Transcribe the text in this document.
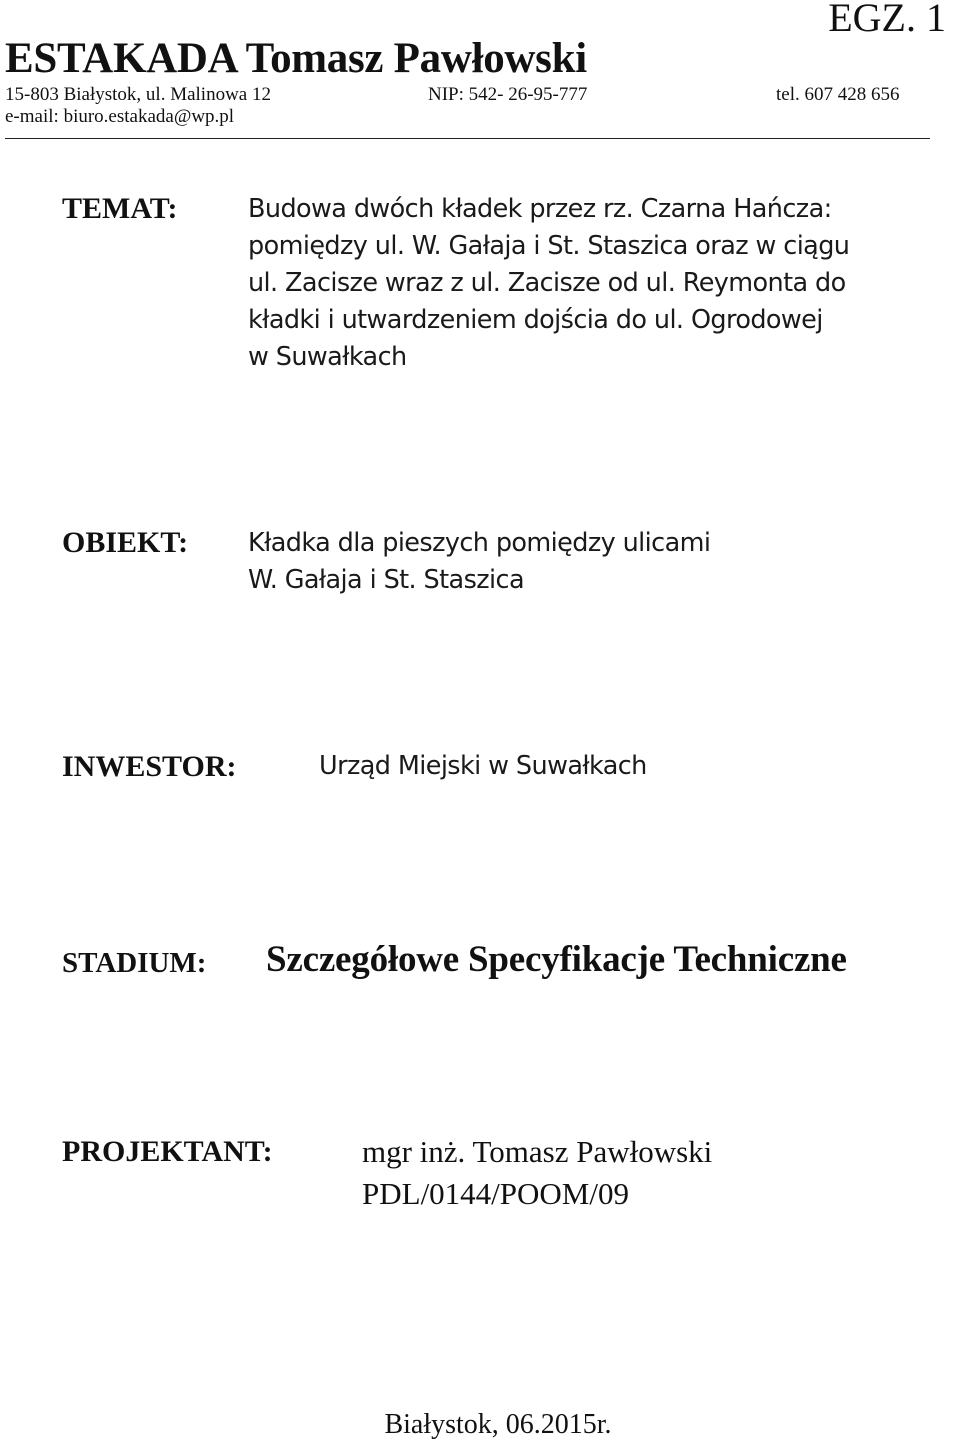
EGZ. 1
ESTAKADA Tomasz Pawłowski
15-803 Białystok, ul. Malinowa 12	NIP: 542- 26-95-777	tel. 607 428 656
e-mail: biuro.estakada@wp.pl
TEMAT:	Budowa dwóch kładek przez rz. Czarna Hańcza:
pomiędzy ul. W. Gałaja i St. Staszica oraz w ciągu
ul. Zacisze wraz z ul. Zacisze od ul. Reymonta do
kładki i utwardzeniem dojścia do ul. Ogrodowej
w Suwałkach
OBIEKT: Kładka dla pieszych pomiędzy ulicami
W. Gałaja i St. Staszica
INWESTOR:	Urząd Miejski w Suwałkach
STADIUM: Szczegółowe Specyfikacje Techniczne
PROJEKTANT:	mgr inż. Tomasz Pawłowski
PDL/0144/POOM/09
Białystok, 06.2015r.
